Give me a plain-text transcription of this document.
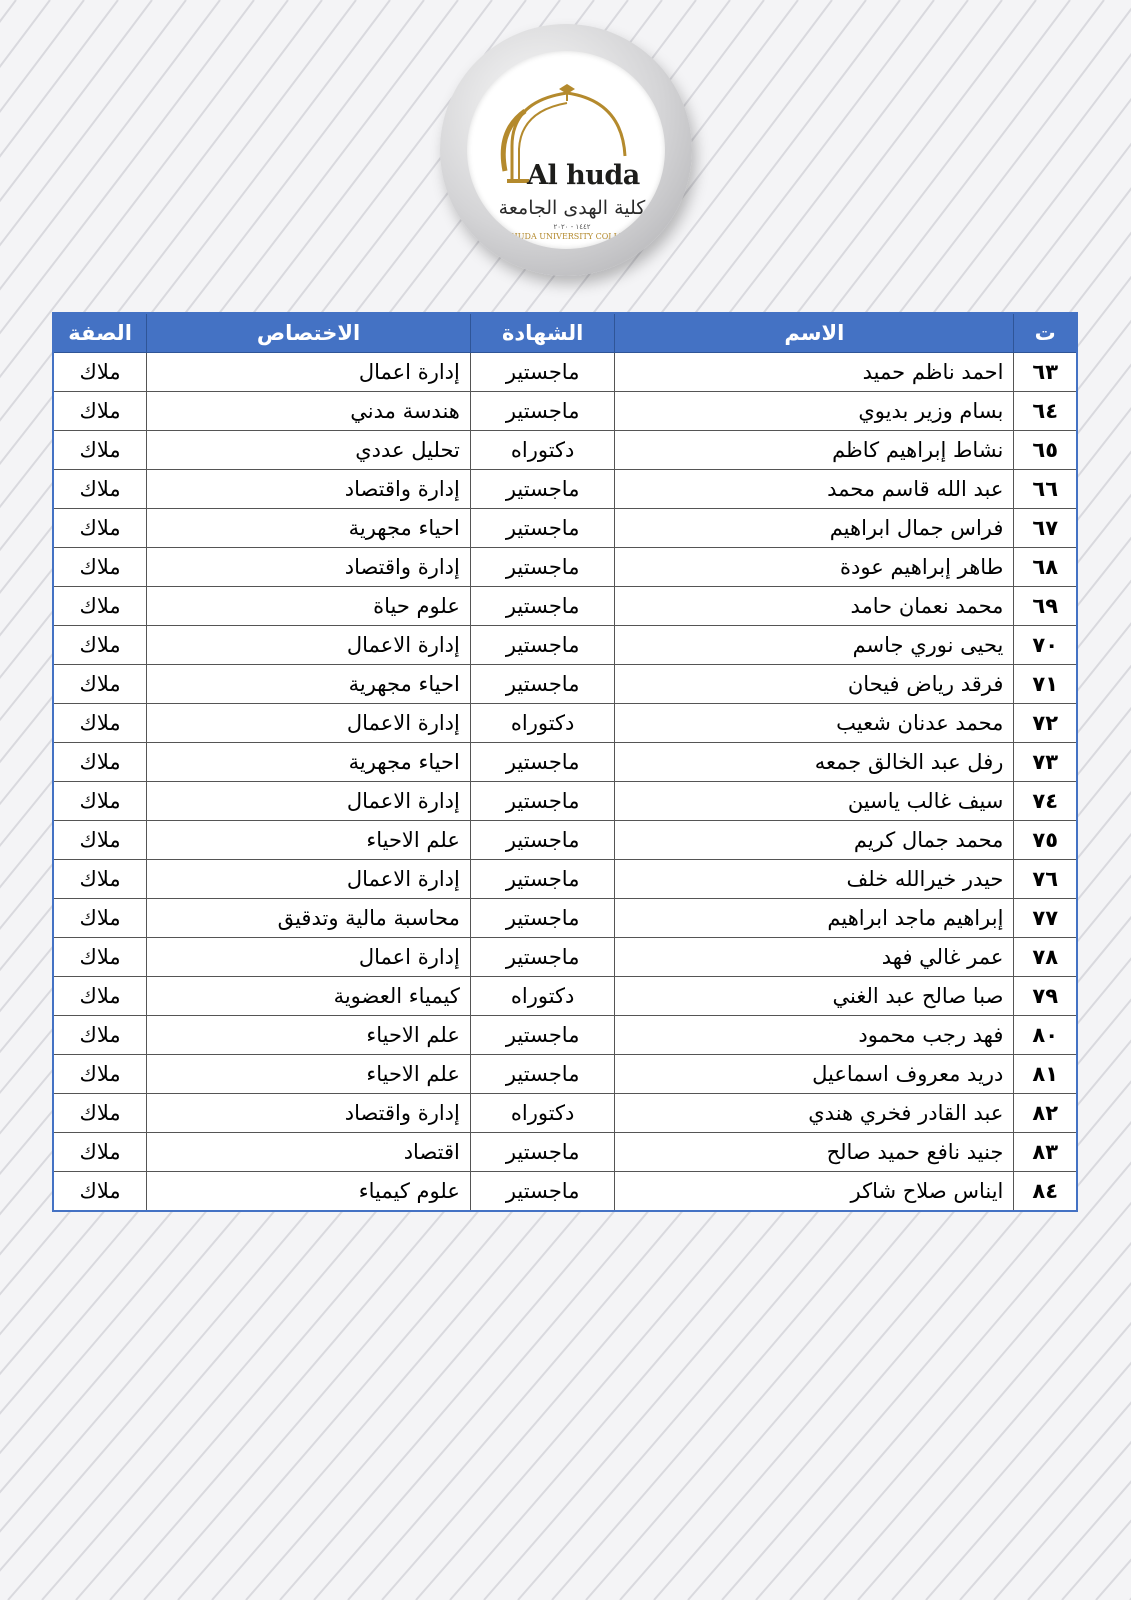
Al huda
كلية الهدى الجامعة
١٤٤٢ - ٢٠٢٠
AL-HUDA UNIVERSITY COLLEGE
ت	الاسم	الشهادة	الاختصاص	الصفة
٦٣	احمد ناظم حميد	ماجستير	إدارة اعمال	ملاك
٦٤	بسام وزير بديوي	ماجستير	هندسة مدني	ملاك
٦٥	نشاط إبراهيم كاظم	دكتوراه	تحليل عددي	ملاك
٦٦	عبد الله قاسم محمد	ماجستير	إدارة واقتصاد	ملاك
٦٧	فراس جمال ابراهيم	ماجستير	احياء مجهرية	ملاك
٦٨	طاهر إبراهيم عودة	ماجستير	إدارة واقتصاد	ملاك
٦٩	محمد نعمان حامد	ماجستير	علوم حياة	ملاك
٧٠	يحيى نوري جاسم	ماجستير	إدارة الاعمال	ملاك
٧١	فرقد رياض فيحان	ماجستير	احياء مجهرية	ملاك
٧٢	محمد عدنان شعيب	دكتوراه	إدارة الاعمال	ملاك
٧٣	رفل عبد الخالق جمعه	ماجستير	احياء مجهرية	ملاك
٧٤	سيف غالب ياسين	ماجستير	إدارة الاعمال	ملاك
٧٥	محمد جمال كريم	ماجستير	علم الاحياء	ملاك
٧٦	حيدر خيرالله خلف	ماجستير	إدارة الاعمال	ملاك
٧٧	إبراهيم ماجد ابراهيم	ماجستير	محاسبة مالية وتدقيق	ملاك
٧٨	عمر غالي فهد	ماجستير	إدارة اعمال	ملاك
٧٩	صبا صالح عبد الغني	دكتوراه	كيمياء العضوية	ملاك
٨٠	فهد رجب محمود	ماجستير	علم الاحياء	ملاك
٨١	دريد معروف اسماعيل	ماجستير	علم الاحياء	ملاك
٨٢	عبد القادر فخري هندي	دكتوراه	إدارة واقتصاد	ملاك
٨٣	جنيد نافع حميد صالح	ماجستير	اقتصاد	ملاك
٨٤	ايناس صلاح شاكر	ماجستير	علوم كيمياء	ملاك
